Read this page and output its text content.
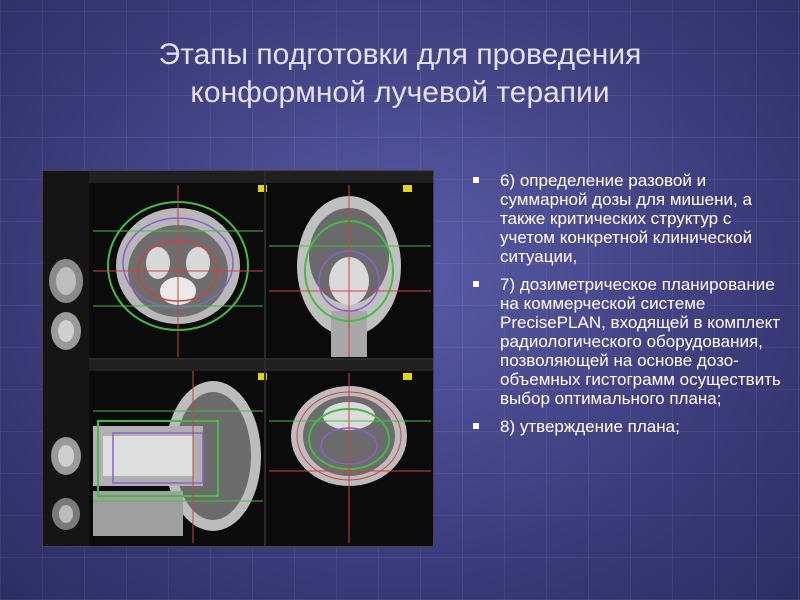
Этапы подготовки для проведения
конформной лучевой терапии
6) определение разовой и суммарной дозы для мишени, а также критических структур с учетом конкретной клинической ситуации,
7) дозиметрическое планирование на коммерческой системе PrecisePLAN, входящей в комплект радиологического оборудования, позволяющей на основе дозо-объемных гистограмм осуществить выбор оптимального плана;
8) утверждение плана;
